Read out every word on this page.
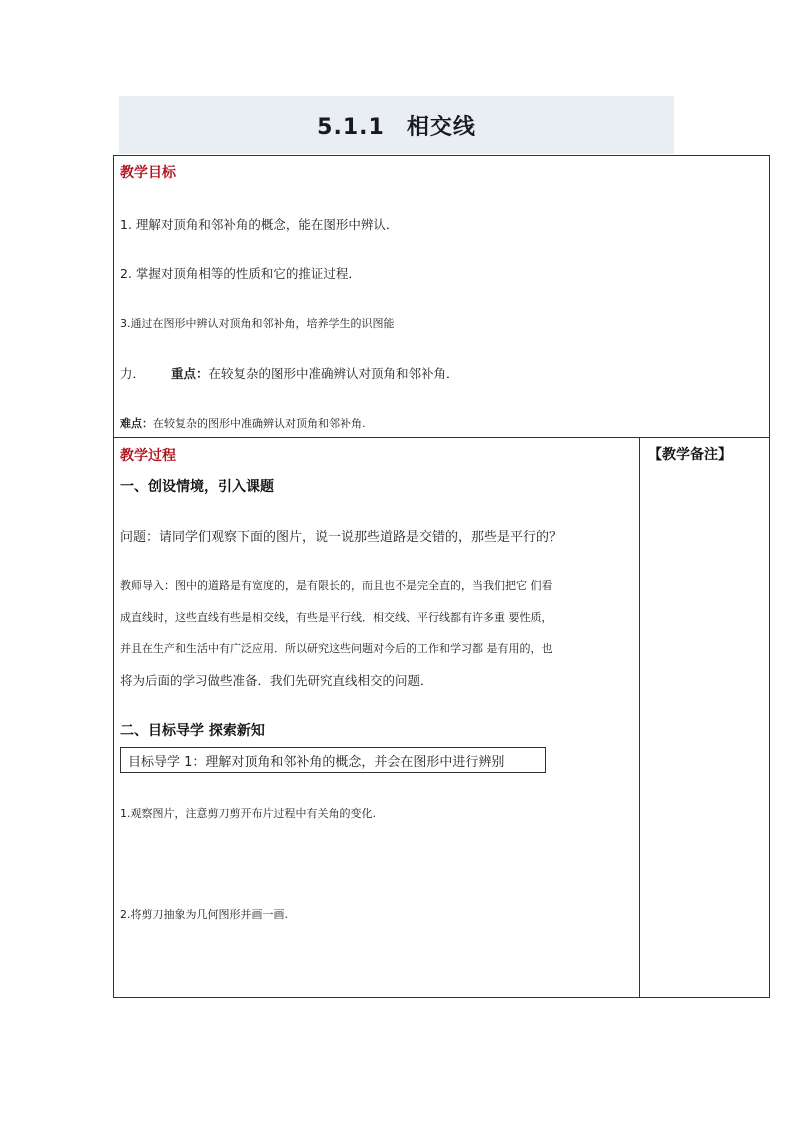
5.1.1 相交线
教学目标
1. 理解对顶角和邻补角的概念，能在图形中辨认．
2. 掌握对顶角相等的性质和它的推证过程．
3.通过在图形中辨认对顶角和邻补角，培养学生的识图能
力． 重点：在较复杂的图形中准确辨认对顶角和邻补角．
难点：在较复杂的图形中准确辨认对顶角和邻补角.
教学过程	【教学备注】
一、创设情境，引入课题
问题：请同学们观察下面的图片，说一说那些道路是交错的，那些是平行的？
教师导入：图中的道路是有宽度的，是有限长的，而且也不是完全直的，当我们把它 们看
成直线时，这些直线有些是相交线，有些是平行线．相交线、平行线都有许多重 要性质，
并且在生产和生活中有广泛应用．所以研究这些问题对今后的工作和学习都 是有用的，也
将为后面的学习做些准备．我们先研究直线相交的问题．
二、目标导学 探索新知
目标导学 1：理解对顶角和邻补角的概念，并会在图形中进行辨别
1.观察图片，注意剪刀剪开布片过程中有关角的变化.
2.将剪刀抽象为几何图形并画一画.
